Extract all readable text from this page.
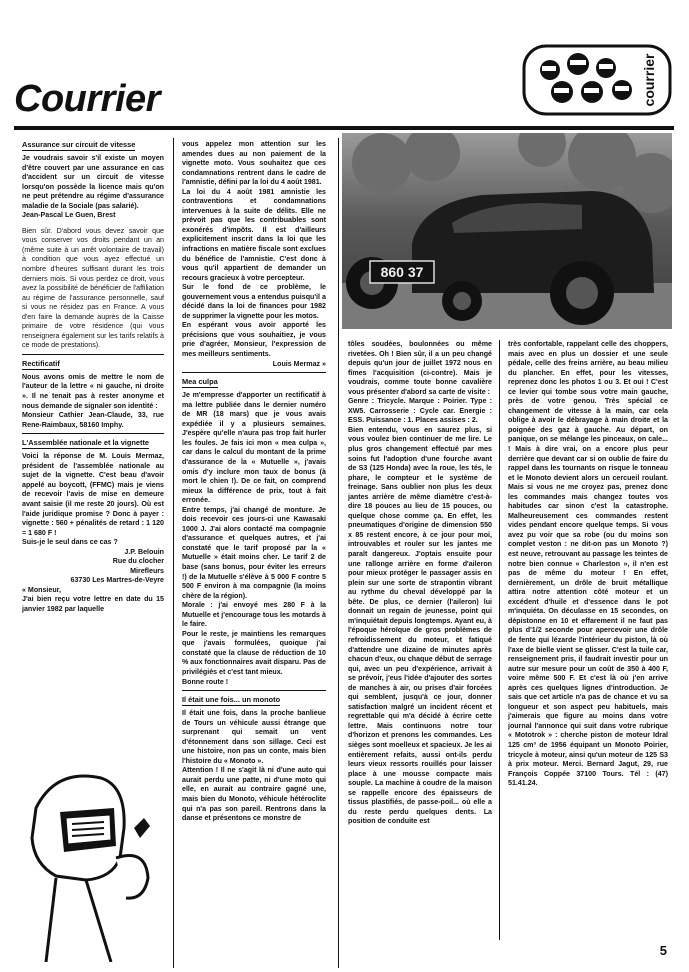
Courrier	courrier
Assurance sur circuit de vitesse

Je voudrais savoir s'il existe un moyen d'être couvert par une assurance en cas d'accident sur un circuit de vitesse lorsqu'on possède la licence mais qu'on ne peut prétendre au régime d'assurance maladie de la Sociale (pas salarié).

Jean-Pascal Le Guen, Brest

Bien sûr. D'abord vous devez savoir que vous conserver vos droits pendant un an (même suite à un arrêt volontaire de travail) à condition que vous ayez effectué un nombre d'heures suffisant durant les trois derniers mois. Si vous perdez ce droit, vous avez la possibilité de bénéficier de l'affiliation au régime de l'assurance personnelle, sauf si vous ne résidez pas en France. A vous d'en faire la demande auprès de la Caisse primaire de votre résidence (qui vous renseignera également sur les tarifs relatifs à ce mode de prestations).

Rectificatif

Nous avons omis de mettre le nom de l'auteur de la lettre « ni gauche, ni droite ». Il ne tenait pas à rester anonyme et nous demande de signaler son identité :

Monsieur Cathier Jean-Claude, 33, rue Rene-Raimbaux, 58160 Imphy.

L'Assemblée nationale et la vignette

Voici la réponse de M. Louis Mermaz, président de l'assemblée nationale au sujet de la vignette. C'est beau d'avoir appelé au boycott, (FFMC) mais je viens de recevoir l'avis de mise en demeure avant saisie (il me reste 20 jours). Où est l'aide juridique promise ? Donc à payer : vignette : 560 + pénalités de retard : 1 120 = 1 680 F !

Suis-je le seul dans ce cas ?

J.P. Belouin

Rue du clocher

Mirefleurs

63730 Les Martres-de-Veyre

« Monsieur,

J'ai bien reçu votre lettre en date du 15 janvier 1982 par laquelle

vous appelez mon attention sur les amendes dues au non paiement de la vignette moto. Vous souhaitez que ces condamnations rentrent dans le cadre de l'amnistie, défini par la loi du 4 août 1981.

La loi du 4 août 1981 amnistie les contraventions et condamnations intervenues à la suite de délits. Elle ne prévoit pas que les contribuables sont exonérés d'impôts. Il est d'ailleurs explicitement inscrit dans la loi que les infractions en matière fiscale sont exclues du bénéfice de l'amnistie. C'est donc à vous qu'il appartient de demander un recours gracieux à votre percepteur.

Sur le fond de ce problème, le gouvernement vous a entendus puisqu'il a décidé dans la loi de finances pour 1982 de supprimer la vignette pour les motos.

En espérant vous avoir apporté les précisions que vous souhaitiez, je vous prie d'agréer, Monsieur, l'expression de mes meilleurs sentiments.

Louis Mermaz »

Mea culpa

Je m'empresse d'apporter un rectificatif à ma lettre publiée dans le dernier numéro de MR (18 mars) que je vous avais expédiée il y a plusieurs semaines. J'espère qu'elle n'aura pas trop fait hurler les foules. Je fais ici mon « mea culpa », car dans le calcul du montant de la prime d'assurance de la « Mutuelle », j'avais omis d'y inclure mon taux de bonus (à mort le chien !). De ce fait, on comprend mieux la différence de prix, tout à fait erronée.

Entre temps, j'ai changé de monture. Je dois recevoir ces jours-ci une Kawasaki 1000 J. J'ai alors contacté ma compagnie d'assurance et quelques autres, et j'ai constaté que le tarif proposé par la « Mutuelle » était moins cher. Le tarif 2 de base (sans bonus, pour éviter les erreurs !) de la Mutuelle s'élève à 5 000 F contre 5 500 F environ à ma compagnie (la moins chère de la région).

Morale : j'ai envoyé mes 280 F à la Mutuelle et j'encourage tous les motards à le faire.

Pour le reste, je maintiens les remarques que j'avais formulées, quoique j'ai constaté que la clause de réduction de 10 % aux fonctionnaires avait disparu. Pas de privilégiés et c'est tant mieux.

Bonne route !

Il était une fois... un monoto

Il était une fois, dans la proche banlieue de Tours un véhicule aussi étrange que surprenant qui semait un vent d'étonnement dans son sillage. Ceci est une histoire, non pas un conte, mais bien l'histoire du « Monoto ».

Attention ! Il ne s'agit là ni d'une auto qui aurait perdu une patte, ni d'une moto qui elle, en aurait au contraire gagné une, mais bien du Monoto, véhicule hétéroclite qui n'a pas son pareil. Rentrons dans la danse et présentons ce monstre de

860 37

tôles soudées, boulonnées ou même rivetées. Oh ! Bien sûr, il a un peu changé depuis qu'un jour de juillet 1972 nous en fîmes l'acquisition (ci-contre). Mais je voudrais, comme toute bonne cavalière vous présenter d'abord sa carte de visite :

Genre : Tricycle. Marque : Poirier. Type : XW5. Carrosserie : Cycle car. Energie : ESS. Puissance : 1. Places assises : 2.

Bien entendu, vous en saurez plus, si vous voulez bien continuer de me lire. Le plus gros changement effectué par mes soins fut l'adoption d'une fourche avant de S3 (125 Honda) avec la roue, les tés, le phare, le compteur et le système de freinage. Sans oublier non plus les deux jantes arrière de même diamètre c'est-à-dire 18 pouces au lieu de 15 pouces, ou quelque chose comme ça. En effet, les pneumatiques d'origine de dimension 550 x 85 restent encore, à ce jour pour moi, introuvables et rouler sur les jantes me paraît dangereux. J'optais ensuite pour une rallonge arrière en forme d'aileron pour mieux protéger le passager assis en plein sur une sorte de strapontin vibrant au rythme du cheval développé par la bête. De plus, ce dernier (l'aileron) lui donnait un regain de jeunesse, point qui m'inquiétait depuis longtemps. Ayant eu, à l'époque héroïque de gros problèmes de refroidissement du moteur, et fatiqué d'attendre une dizaine de minutes après chacun d'eux, ou chaque début de serrage qui, avec un peu d'expérience, arrivait à se prévoir, j'eus l'idée d'ajouter des sortes de manches à air, ou prises d'air forcées qui semblent, jusqu'à ce jour, donner satisfaction malgré un incident récent et regrettable qui m'a décidé à écrire cette lettre. Mais continuons notre tour d'horizon et prenons les commandes. Les sièges sont moelleux et spacieux. Je les ai entièrement refaits, aussi ont-ils perdu leurs vieux ressorts rouillés pour laisser place à une mousse compacte mais souple. La machine à coudre de la maison se rappelle encore des épaisseurs de tissus plastifiés, de passe-poil... où elle a du reste perdu quelques dents. La position de conduite est

très confortable, rappelant celle des choppers, mais avec en plus un dossier et une seule pédale, celle des freins arrière, au beau milieu du plancher. En effet, pour les vitesses, reprenez donc les photos 1 ou 3. Et oui ! C'est ce levier qui tombe sous votre main gauche, près de votre genou. Très spécial ce changement de vitesse à la main, car cela oblige à avoir le débrayage à main droite et la poignée des gaz à gauche. Au départ, on panique, on se mélange les pinceaux, on cale... ! Mais à dire vrai, on a encore plus peur derrière que devant car si on oublie de faire du rappel dans les tournants on risque le tonneau et le Monoto devient alors un cercueil roulant. Mais si vous ne me croyez pas, prenez donc les commandes mais changez toutes vos habitudes car sinon c'est la catastrophe. Malheureusement ces commandes restent vides pendant encore quelque temps. Si vous avez pu voir que sa robe (ou du moins son complet veston : ne dit-on pas un Monoto ?) est neuve, retrouvant au passage les teintes de notre bien connue « Charleston », il n'en est pas de même du moteur ! En effet, dernièrement, un drôle de bruit métallique attira notre attention côté moteur et un excédent d'huile et d'essence dans le pot m'inquiéta. On déculasse en 15 secondes, on dépistonne en 10 et effarement il ne faut pas plus d'1/2 seconde pour apercevoir une drôle de fente qui lézarde l'intérieur du piston, là où l'axe de bielle vient se glisser. C'est la tuile car, renseignement pris, il faudrait investir pour un autre sur mesure pour un coût de 350 à 400 F, voire même 500 F. Et c'est là où j'en arrive après ces quelques lignes d'introduction. Je sais que cet article n'a pas de chance et vu sa longueur et son aspect peu habituels, mais j'aimerais que figure au moins dans votre journal l'annonce qui suit dans votre rubrique « Mototrok » : cherche piston de moteur Idral 125 cm³ de 1956 équipant un Monoto Poirier, tricycle à moteur, ainsi qu'un moteur de 125 S3 à prix moteur. Merci. Bernard Jagut, 29, rue François Coppée 37100 Tours. Tél : (47) 51.41.24.

5
